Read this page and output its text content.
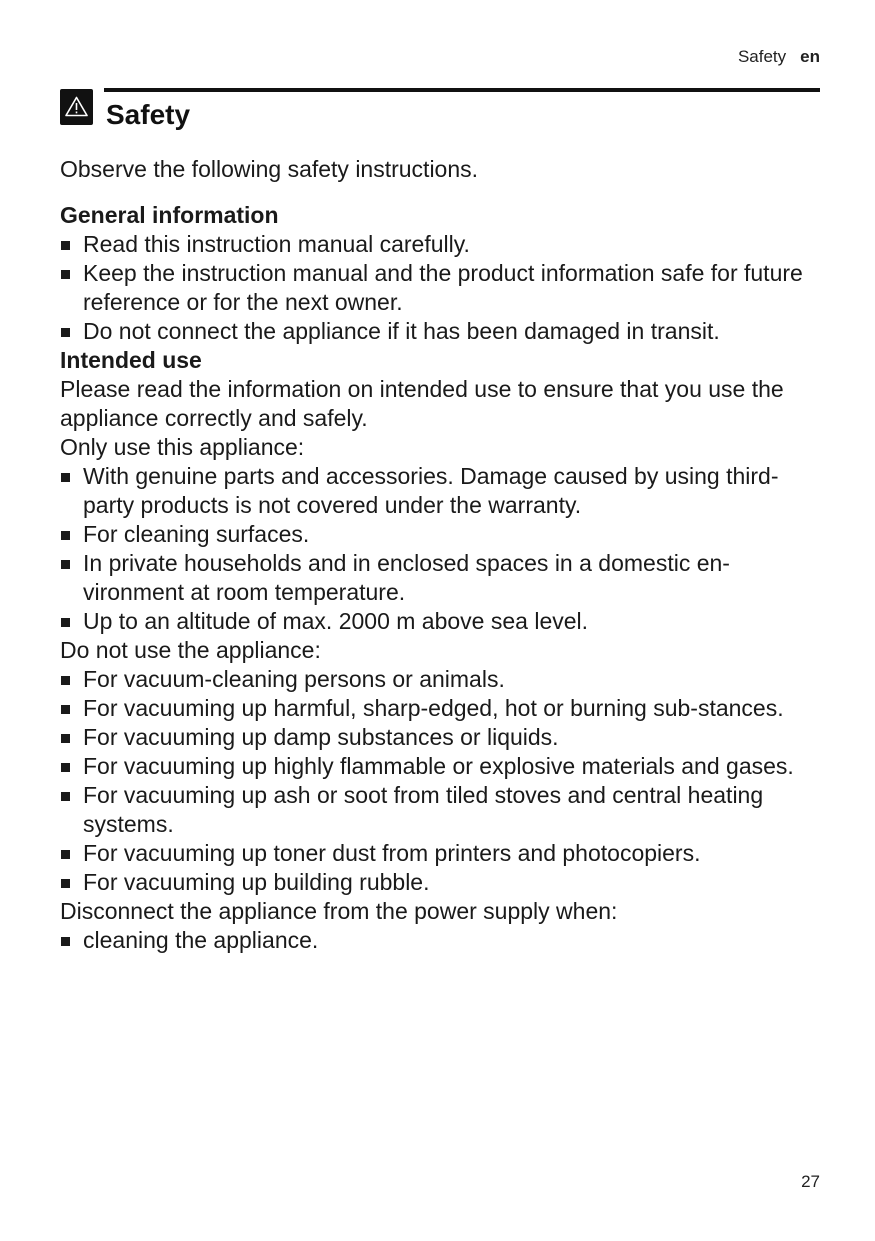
Safety en
Safety

Observe the following safety instructions.

General information

Read this instruction manual carefully.
Keep the instruction manual and the product information safe for future reference or for the next owner.
Do not connect the appliance if it has been damaged in transit.

Intended use

Please read the information on intended use to ensure that you use the appliance correctly and safely.

Only use this appliance:

With genuine parts and accessories. Damage caused by using third-party products is not covered under the warranty.
For cleaning surfaces.
In private households and in enclosed spaces in a domestic en-vironment at room temperature.
Up to an altitude of max. 2000 m above sea level.

Do not use the appliance:

For vacuum-cleaning persons or animals.
For vacuuming up harmful, sharp-edged, hot or burning sub-stances.
For vacuuming up damp substances or liquids.
For vacuuming up highly flammable or explosive materials and gases.
For vacuuming up ash or soot from tiled stoves and central heating systems.
For vacuuming up toner dust from printers and photocopiers.
For vacuuming up building rubble.

Disconnect the appliance from the power supply when:

cleaning the appliance.
27
